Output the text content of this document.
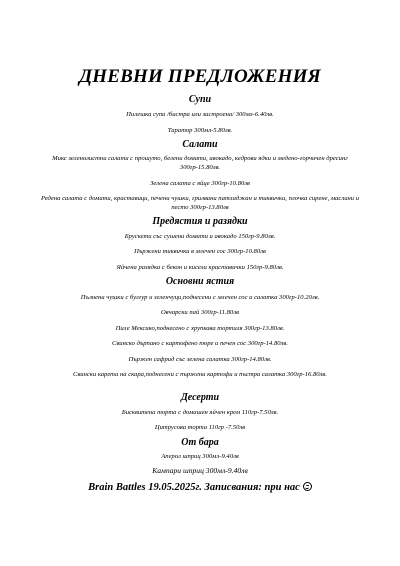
ДНЕВНИ ПРЕДЛОЖЕНИЯ
Супи
Пилешка супа /бистра или застроена/ 300мл-6.40лв.
Таратор 300мл-5.80лв.
Салати
Микс зеленолистни салати с прошуто, белени домати, авокадо, кедрови ядки и медено-горчичен дресинг 300гр-15.80лв.
Зелена салата с яйце 300гр-10.80лв
Редена салата с домати, краставици, печени чушки, грилвани патладжан и тиквички, плочка сирене, маслини и песто 300гр-13.80лв
Предястия и разядки
Брускети със сушени домати и авокадо 150гр-9.80лв.
Пържени тиквички в млечен сос 300гр-10.80лв
Яйчена разядка с бекон и кисели краставички 150гр-9.80лв.
Основни ястия
Пълнени чушки с булгур и зеленчуци,поднесени с млечен сос и салатка 300гр-10.20лв.
Овчарски пай 300гр-11.80лв
Пиле Мексико,поднесено с хрупкава тортиля 300гр-13.80лв.
Свинско дърпано с картофено пюре и печен сос 300гр-14.80лв.
Пържен сафрид със зелена салатка 300гр-14.80лв.
Свински карета на скара,поднесени с пържени картофи и пъстра салатка 300гр-16.80лв.
Десерти
Бисквитена торта с домашен яйчен крем 110гр-7.50лв.
Цитрусова торта 110гр -7.50лв
От бара
Аперол шприц 300мл-9.40лв
Кампари шприц 300мл-9.40лв
Brain Battles 19.05.2025г. Записвания: при нас
